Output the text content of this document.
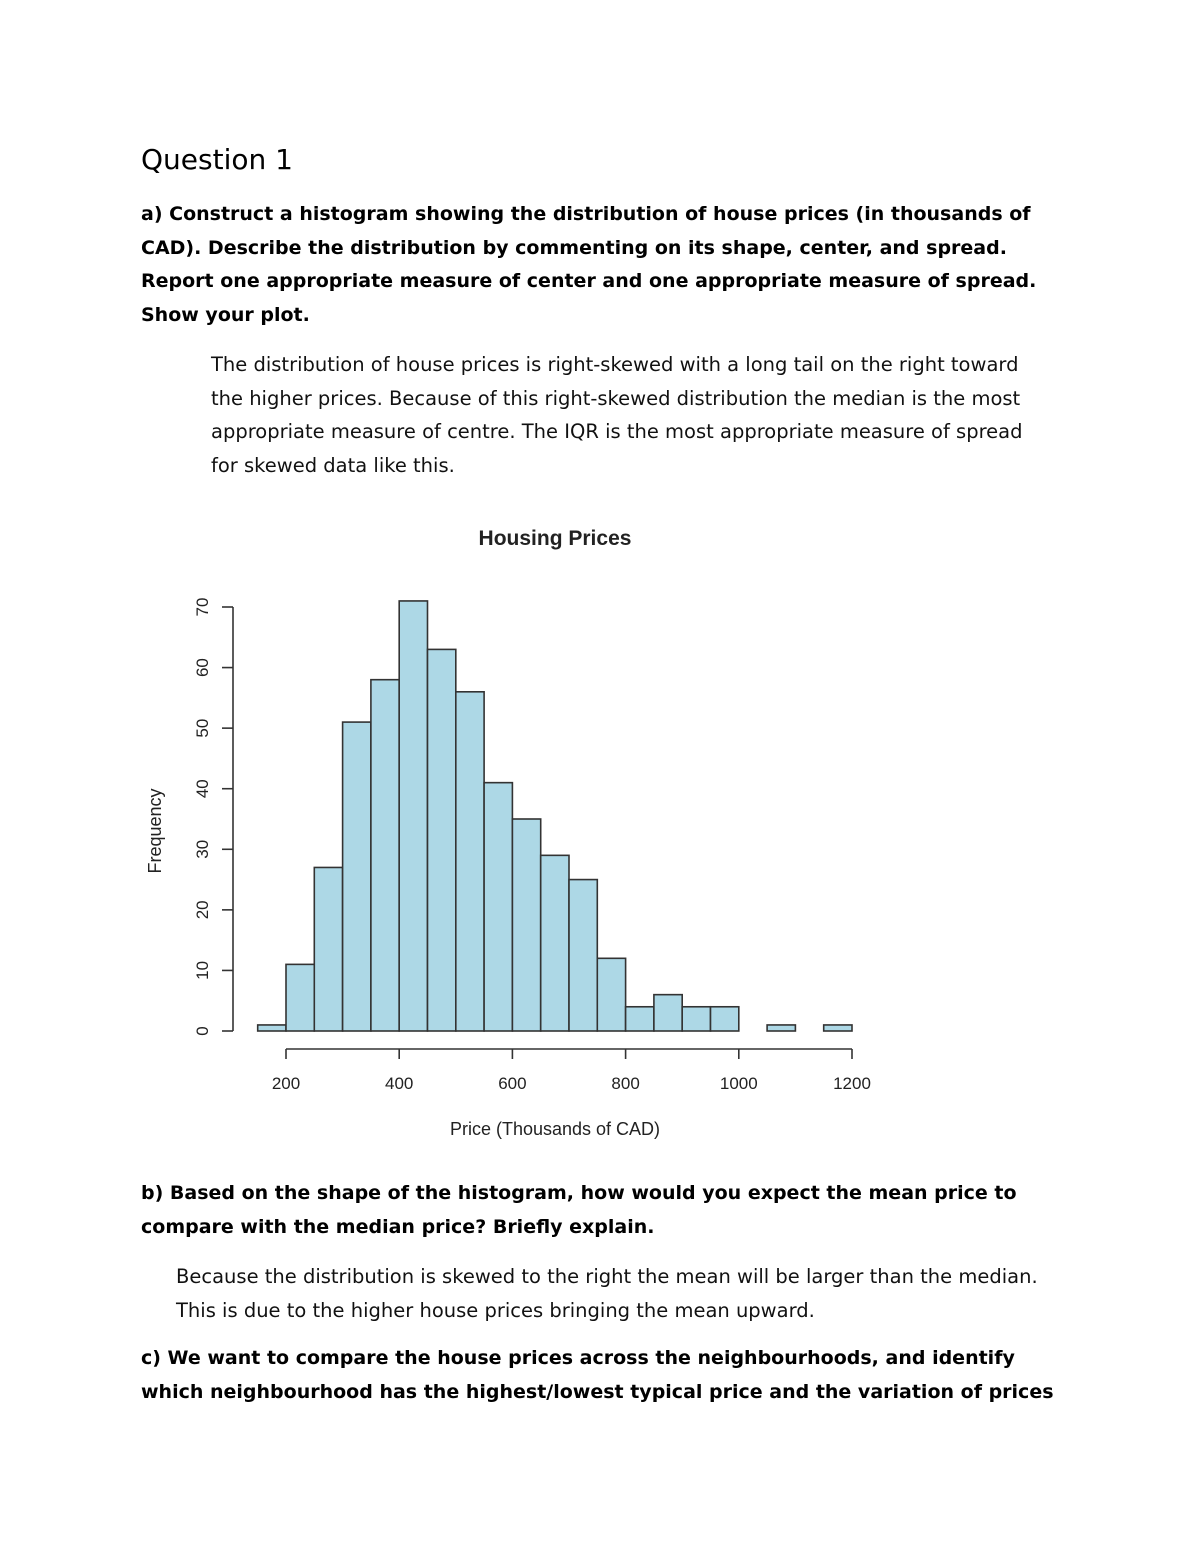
Question 1
a) Construct a histogram showing the distribution of house prices (in thousands of
CAD). Describe the distribution by commenting on its shape, center, and spread.
Report one appropriate measure of center and one appropriate measure of spread.
Show your plot.
The distribution of house prices is right-skewed with a long tail on the right toward
the higher prices. Because of this right-skewed distribution the median is the most
appropriate measure of centre. The IQR is the most appropriate measure of spread
for skewed data like this.
Housing Prices
0
10
20
30
40
50
60
70
200	400	600	800	1000	1200
Price (Thousands of CAD)
Frequency
b) Based on the shape of the histogram, how would you expect the mean price to
compare with the median price? Briefly explain.
Because the distribution is skewed to the right the mean will be larger than the median.
This is due to the higher house prices bringing the mean upward.
c) We want to compare the house prices across the neighbourhoods, and identify
which neighbourhood has the highest/lowest typical price and the variation of prices
